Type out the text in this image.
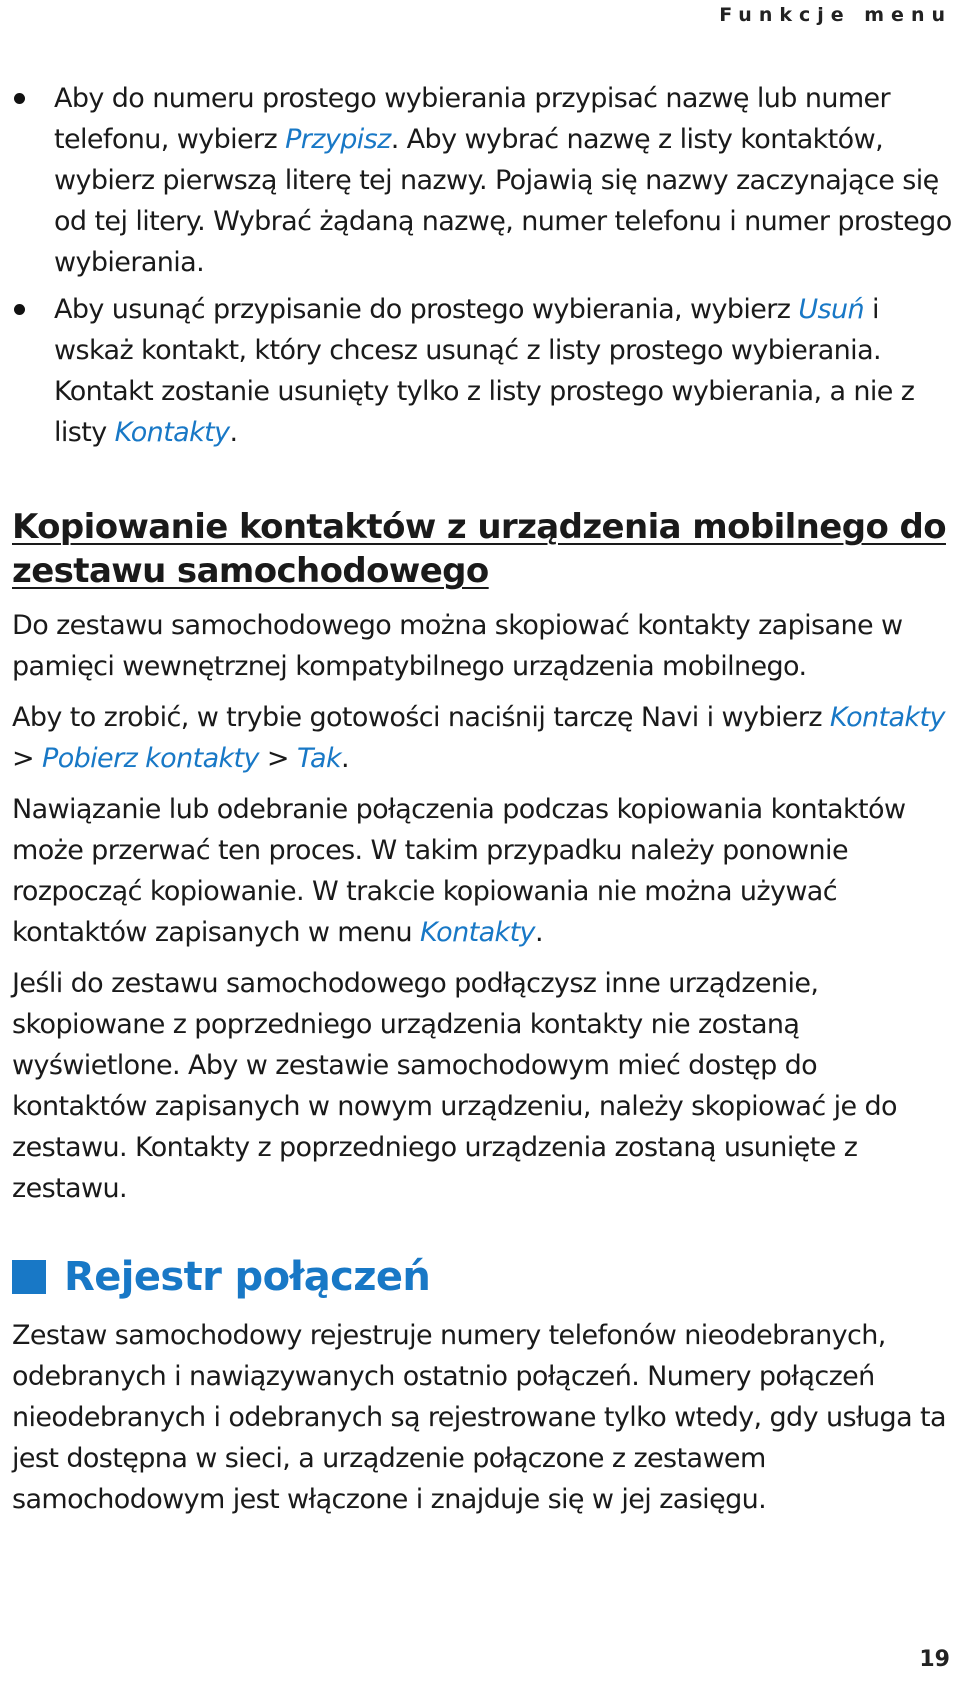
Funkcje menu
Aby do numeru prostego wybierania przypisać nazwę lub numer telefonu, wybierz Przypisz. Aby wybrać nazwę z listy kontaktów, wybierz pierwszą literę tej nazwy. Pojawią się nazwy zaczynające się od tej litery. Wybrać żądaną nazwę, numer telefonu i numer prostego wybierania.
Aby usunąć przypisanie do prostego wybierania, wybierz Usuń i wskaż kontakt, który chcesz usunąć z listy prostego wybierania. Kontakt zostanie usunięty tylko z listy prostego wybierania, a nie z listy Kontakty.
Kopiowanie kontaktów z urządzenia mobilnego do zestawu samochodowego

Do zestawu samochodowego można skopiować kontakty zapisane w pamięci wewnętrznej kompatybilnego urządzenia mobilnego.

Aby to zrobić, w trybie gotowości naciśnij tarczę Navi i wybierz Kontakty > Pobierz kontakty > Tak.

Nawiązanie lub odebranie połączenia podczas kopiowania kontaktów może przerwać ten proces. W takim przypadku należy ponownie rozpocząć kopiowanie. W trakcie kopiowania nie można używać kontaktów zapisanych w menu Kontakty.

Jeśli do zestawu samochodowego podłączysz inne urządzenie, skopiowane z poprzedniego urządzenia kontakty nie zostaną wyświetlone. Aby w zestawie samochodowym mieć dostęp do kontaktów zapisanych w nowym urządzeniu, należy skopiować je do zestawu. Kontakty z poprzedniego urządzenia zostaną usunięte z zestawu.

Rejestr połączeń

Zestaw samochodowy rejestruje numery telefonów nieodebranych, odebranych i nawiązywanych ostatnio połączeń. Numery połączeń nieodebranych i odebranych są rejestrowane tylko wtedy, gdy usługa ta jest dostępna w sieci, a urządzenie połączone z zestawem samochodowym jest włączone i znajduje się w jej zasięgu.

19
